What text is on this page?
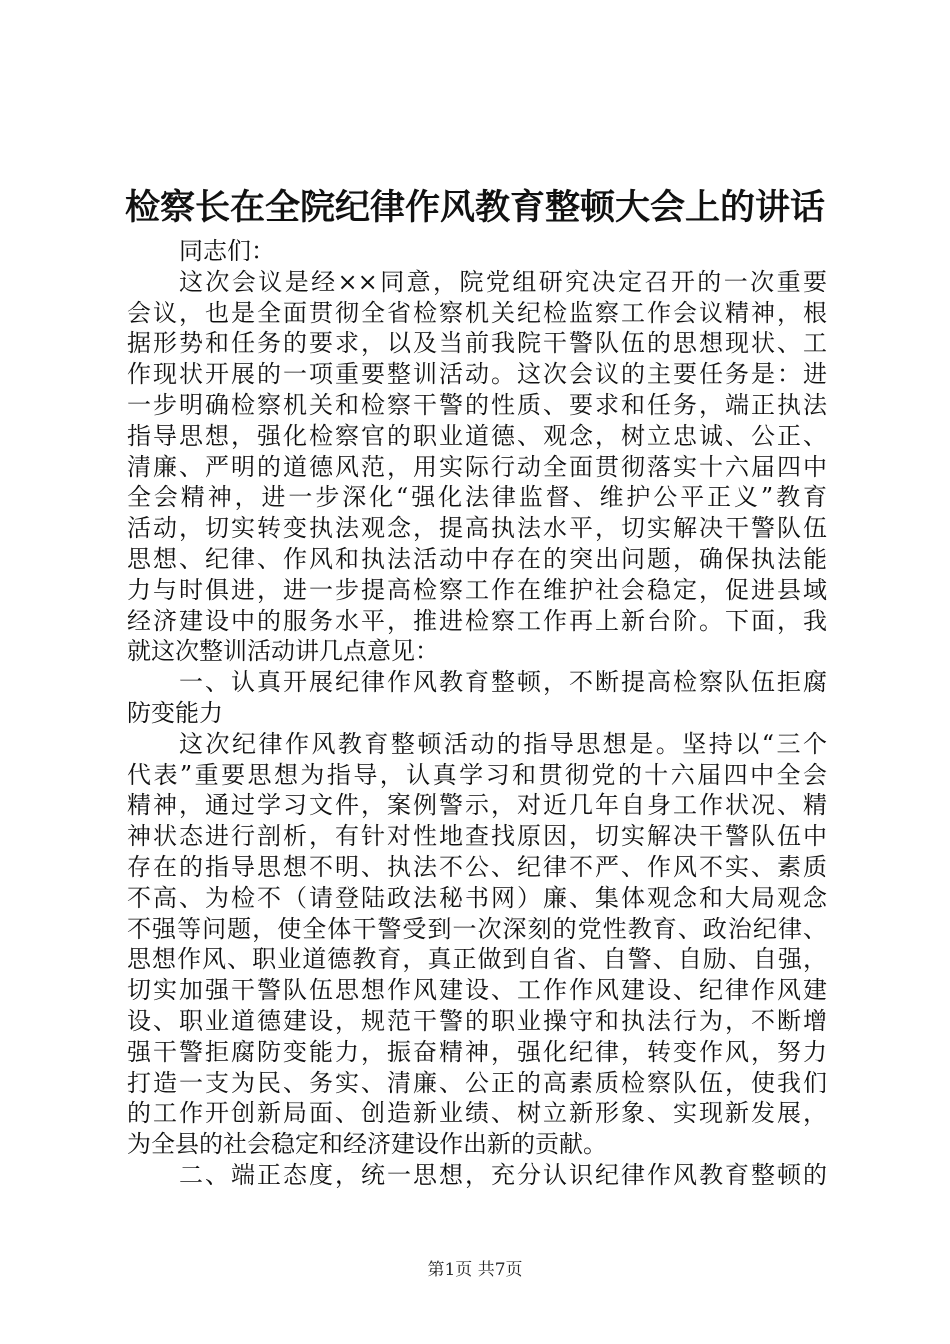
检察长在全院纪律作风教育整顿大会上的讲话
同志们：
这次会议是经××同意，院党组研究决定召开的一次重要
会议，也是全面贯彻全省检察机关纪检监察工作会议精神，根
据形势和任务的要求，以及当前我院干警队伍的思想现状、工
作现状开展的一项重要整训活动。这次会议的主要任务是：进
一步明确检察机关和检察干警的性质、要求和任务，端正执法
指导思想，强化检察官的职业道德、观念，树立忠诚、公正、
清廉、严明的道德风范，用实际行动全面贯彻落实十六届四中
全会精神，进一步深化“强化法律监督、维护公平正义”教育
活动，切实转变执法观念，提高执法水平，切实解决干警队伍
思想、纪律、作风和执法活动中存在的突出问题，确保执法能
力与时俱进，进一步提高检察工作在维护社会稳定，促进县域
经济建设中的服务水平，推进检察工作再上新台阶。下面，我
就这次整训活动讲几点意见：
一、认真开展纪律作风教育整顿，不断提高检察队伍拒腐
防变能力
这次纪律作风教育整顿活动的指导思想是。坚持以“三个
代表”重要思想为指导，认真学习和贯彻党的十六届四中全会
精神，通过学习文件，案例警示，对近几年自身工作状况、精
神状态进行剖析，有针对性地查找原因，切实解决干警队伍中
存在的指导思想不明、执法不公、纪律不严、作风不实、素质
不高、为检不（请登陆政法秘书网）廉、集体观念和大局观念
不强等问题，使全体干警受到一次深刻的党性教育、政治纪律、
思想作风、职业道德教育，真正做到自省、自警、自励、自强，
切实加强干警队伍思想作风建设、工作作风建设、纪律作风建
设、职业道德建设，规范干警的职业操守和执法行为，不断增
强干警拒腐防变能力，振奋精神，强化纪律，转变作风，努力
打造一支为民、务实、清廉、公正的高素质检察队伍，使我们
的工作开创新局面、创造新业绩、树立新形象、实现新发展，
为全县的社会稳定和经济建设作出新的贡献。
二、端正态度，统一思想，充分认识纪律作风教育整顿的
第1页 共7页
